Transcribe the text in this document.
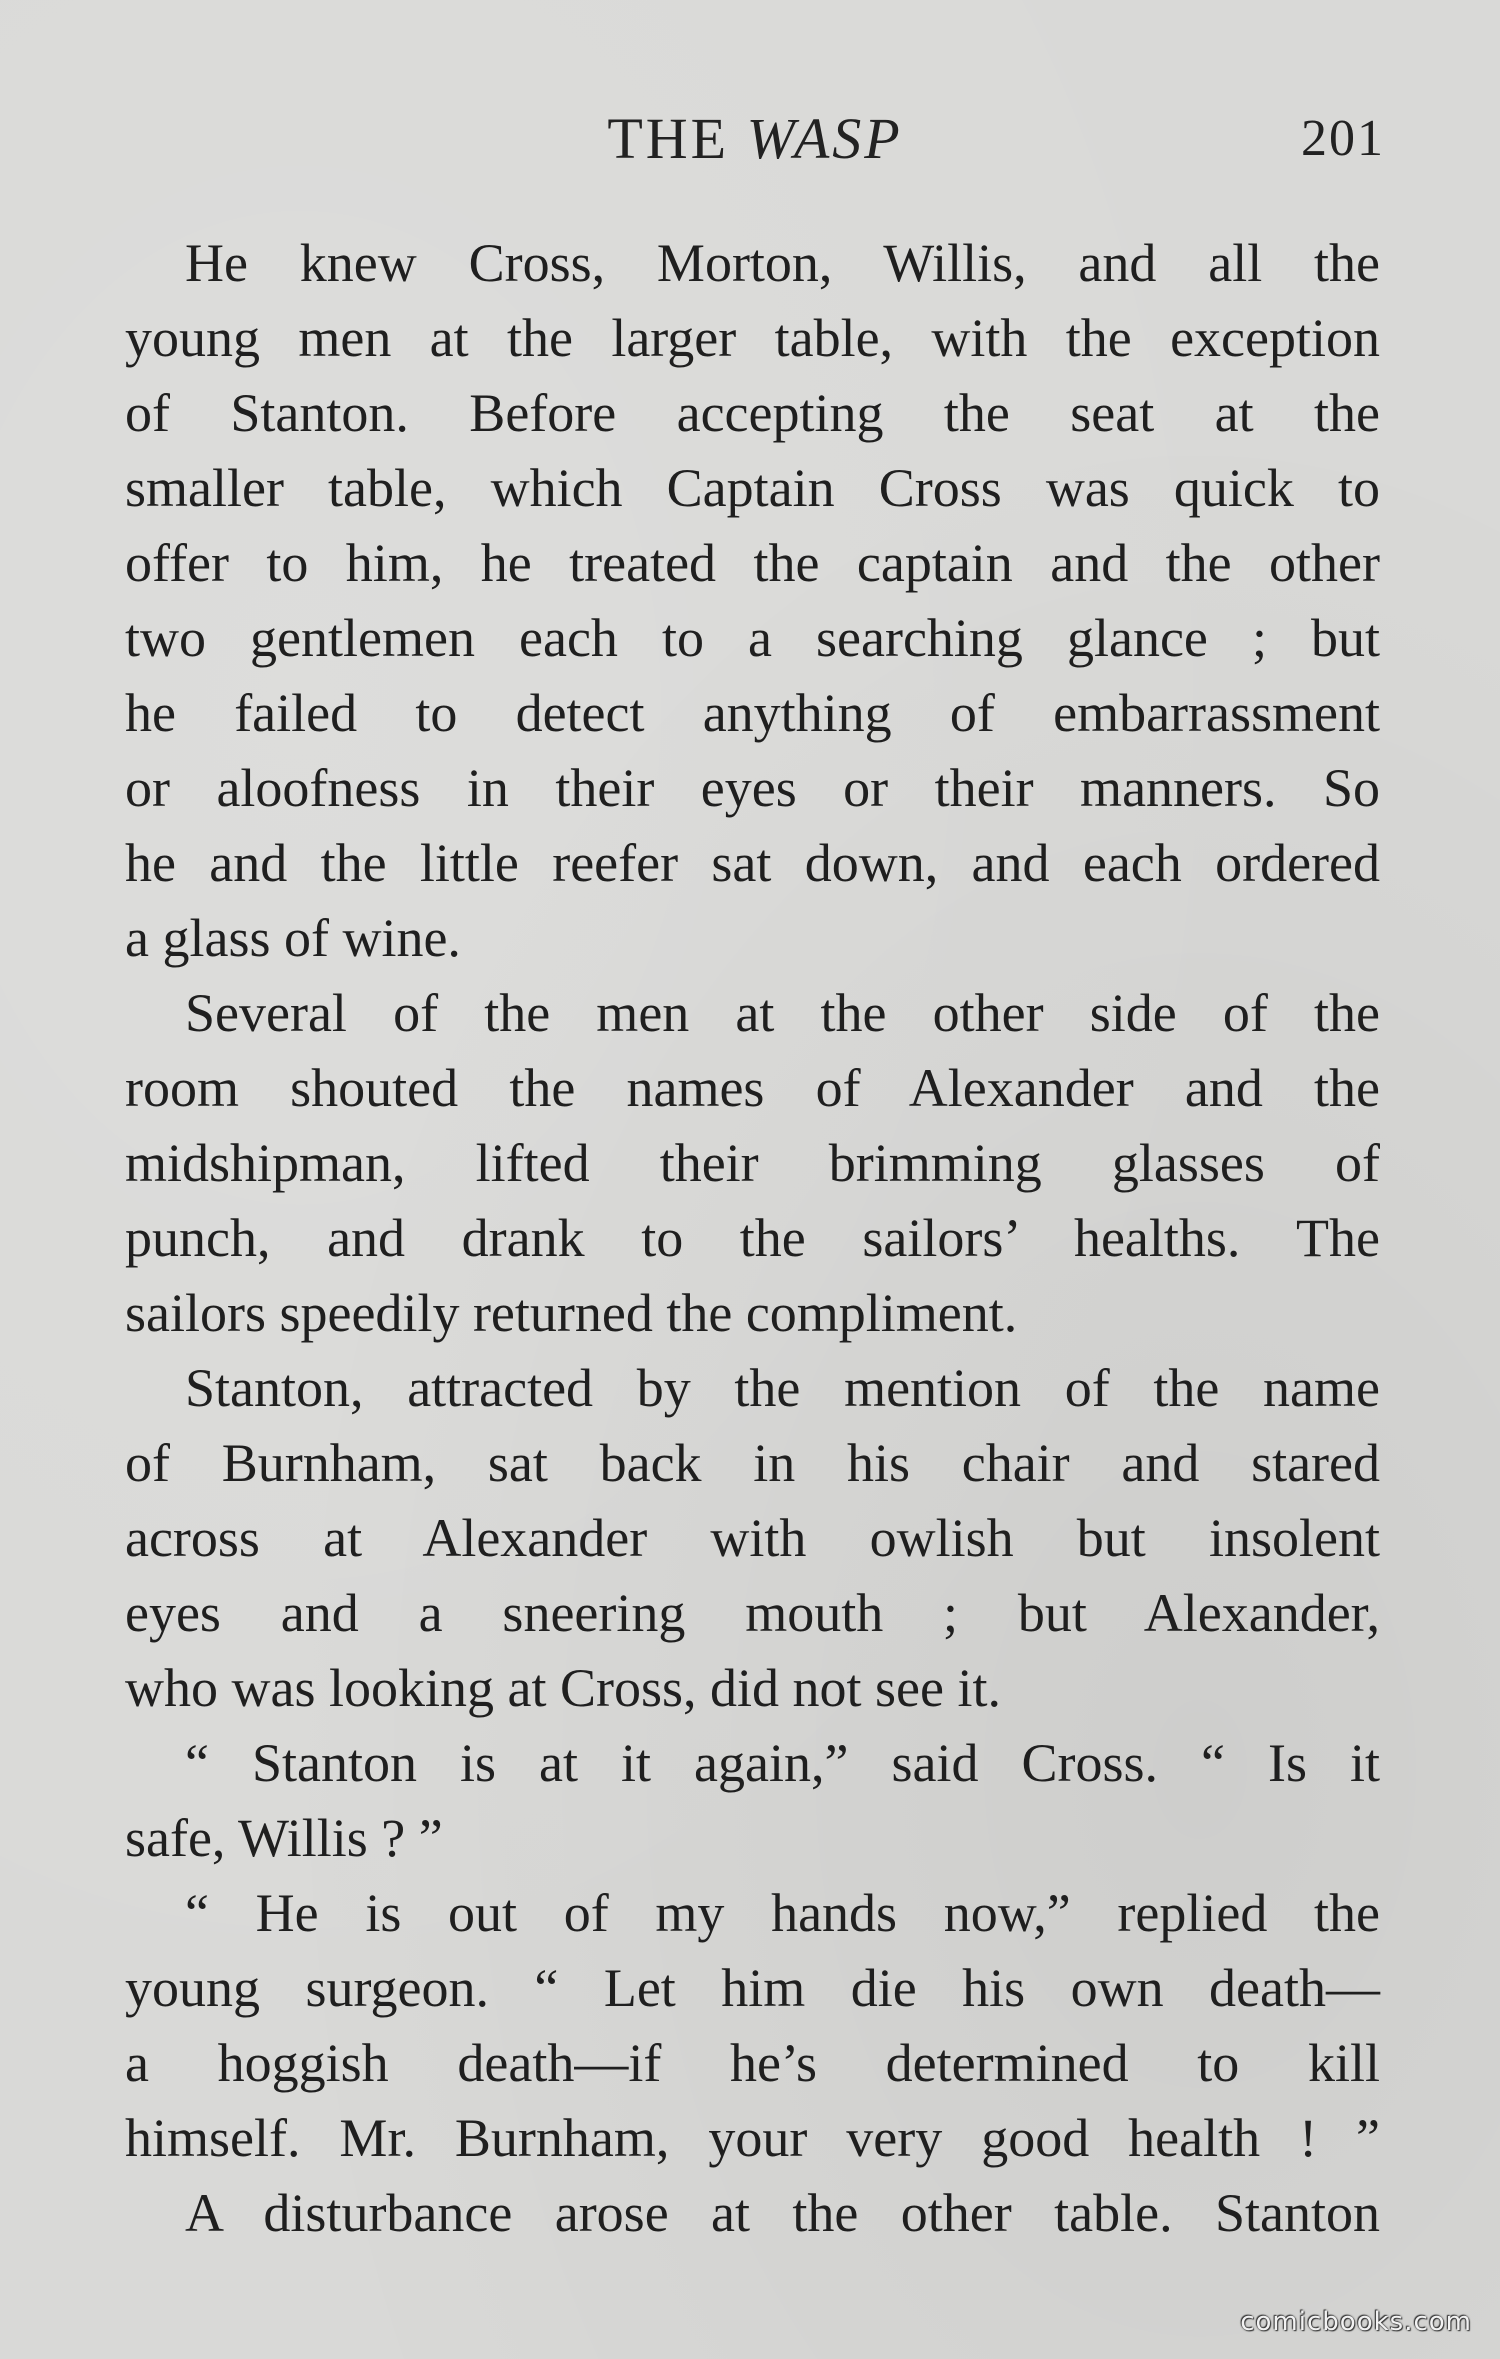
THE WASP	201
He knew Cross, Morton, Willis, and all the
young men at the larger table, with the exception
of Stanton. Before accepting the seat at the
smaller table, which Captain Cross was quick to
offer to him, he treated the captain and the other
two gentlemen each to a searching glance ; but
he failed to detect anything of embarrassment
or aloofness in their eyes or their manners. So
he and the little reefer sat down, and each ordered
a glass of wine.
Several of the men at the other side of the
room shouted the names of Alexander and the
midshipman, lifted their brimming glasses of
punch, and drank to the sailors’ healths. The
sailors speedily returned the compliment.
Stanton, attracted by the mention of the name
of Burnham, sat back in his chair and stared
across at Alexander with owlish but insolent
eyes and a sneering mouth ; but Alexander,
who was looking at Cross, did not see it.
“ Stanton is at it again,” said Cross. “ Is it
safe, Willis ? ”
“ He is out of my hands now,” replied the
young surgeon. “ Let him die his own death—
a hoggish death—if he’s determined to kill
himself. Mr. Burnham, your very good health ! ”
A disturbance arose at the other table. Stanton
comicbooks.com
